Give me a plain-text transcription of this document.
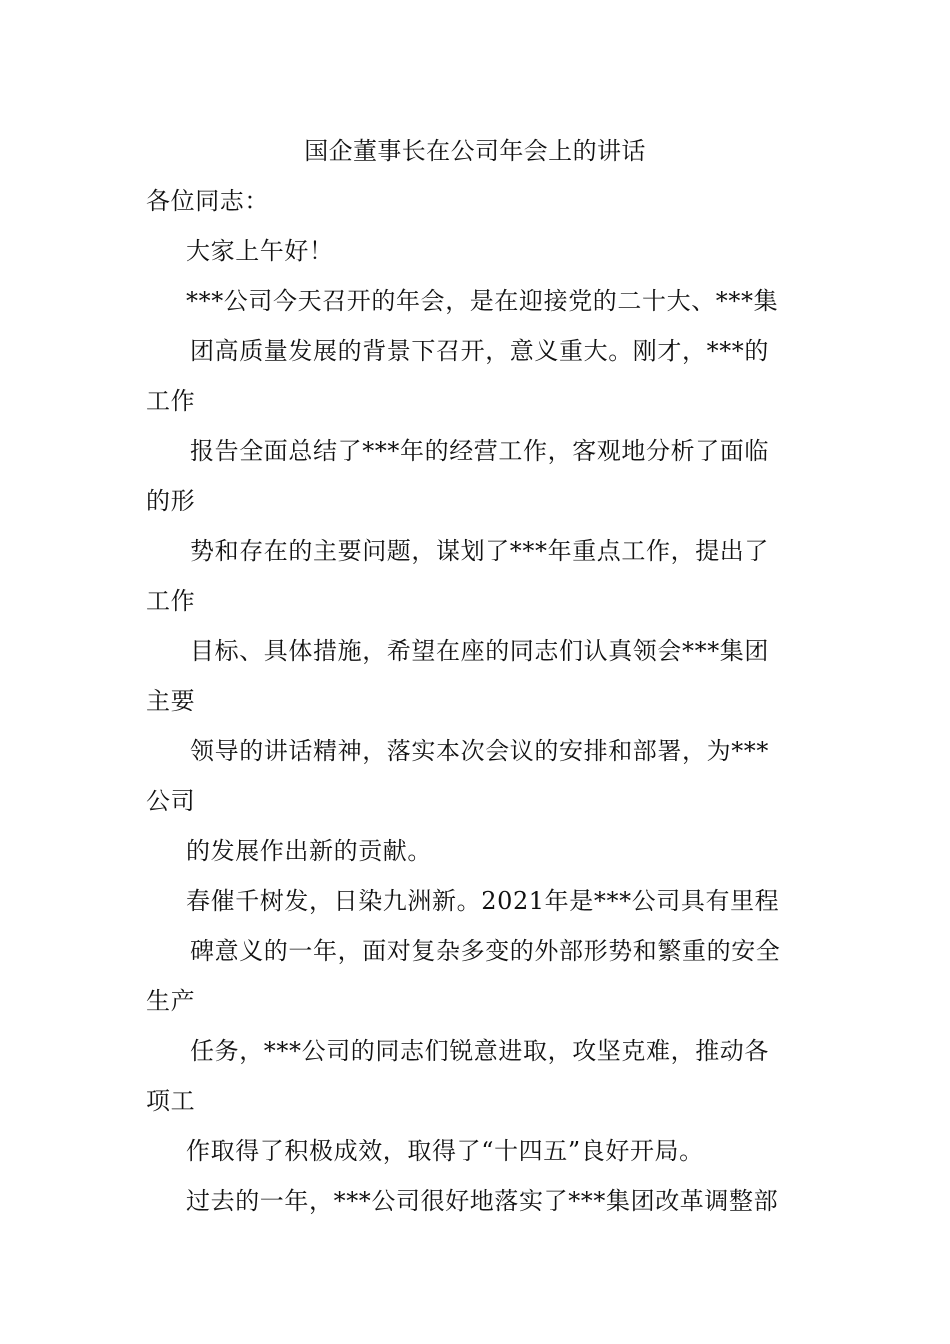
国企董事长在公司年会上的讲话
各位同志：
大家上午好！
***公司今天召开的年会，是在迎接党的二十大、***集
团高质量发展的背景下召开，意义重大。刚才，***的
工作
报告全面总结了***年的经营工作，客观地分析了面临
的形
势和存在的主要问题，谋划了***年重点工作，提出了
工作
目标、具体措施，希望在座的同志们认真领会***集团
主要
领导的讲话精神，落实本次会议的安排和部署，为***
公司
的发展作出新的贡献。
春催千树发，日染九洲新。2021年是***公司具有里程
碑意义的一年，面对复杂多变的外部形势和繁重的安全
生产
任务，***公司的同志们锐意进取，攻坚克难，推动各
项工
作取得了积极成效，取得了“十四五”良好开局。
过去的一年，***公司很好地落实了***集团改革调整部
